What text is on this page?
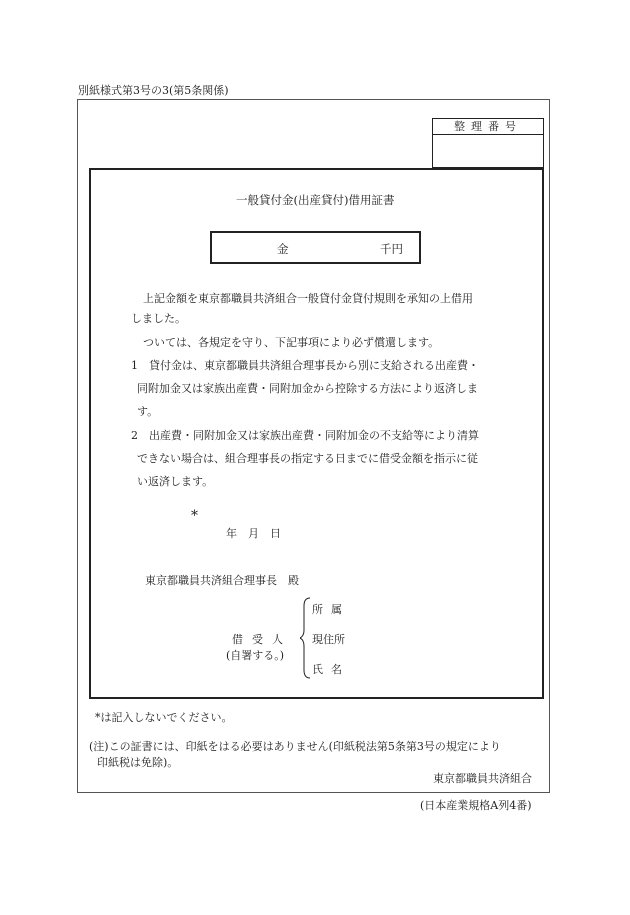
別紙様式第3号の3(第5条関係)
整理番号
一般貸付金(出産貸付)借用証書
金	千円
上記金額を東京都職員共済組合一般貸付金貸付規則を承知の上借用
しました。
ついては、各規定を守り、下記事項により必ず償還します。
1　貸付金は、東京都職員共済組合理事長から別に支給される出産費・
同附加金又は家族出産費・同附加金から控除する方法により返済しま
す。
2　出産費・同附加金又は家族出産費・同附加金の不支給等により清算
できない場合は、組合理事長の指定する日までに借受金額を指示に従
い返済します。
*
年　月　日
東京都職員共済組合理事長　殿
借受人
(自署する。)
所属
現住所
氏名
*は記入しないでください。
(注)この証書には、印紙をはる必要はありません(印紙税法第5条第3号の規定により
印紙税は免除)。
東京都職員共済組合
(日本産業規格A列4番)
